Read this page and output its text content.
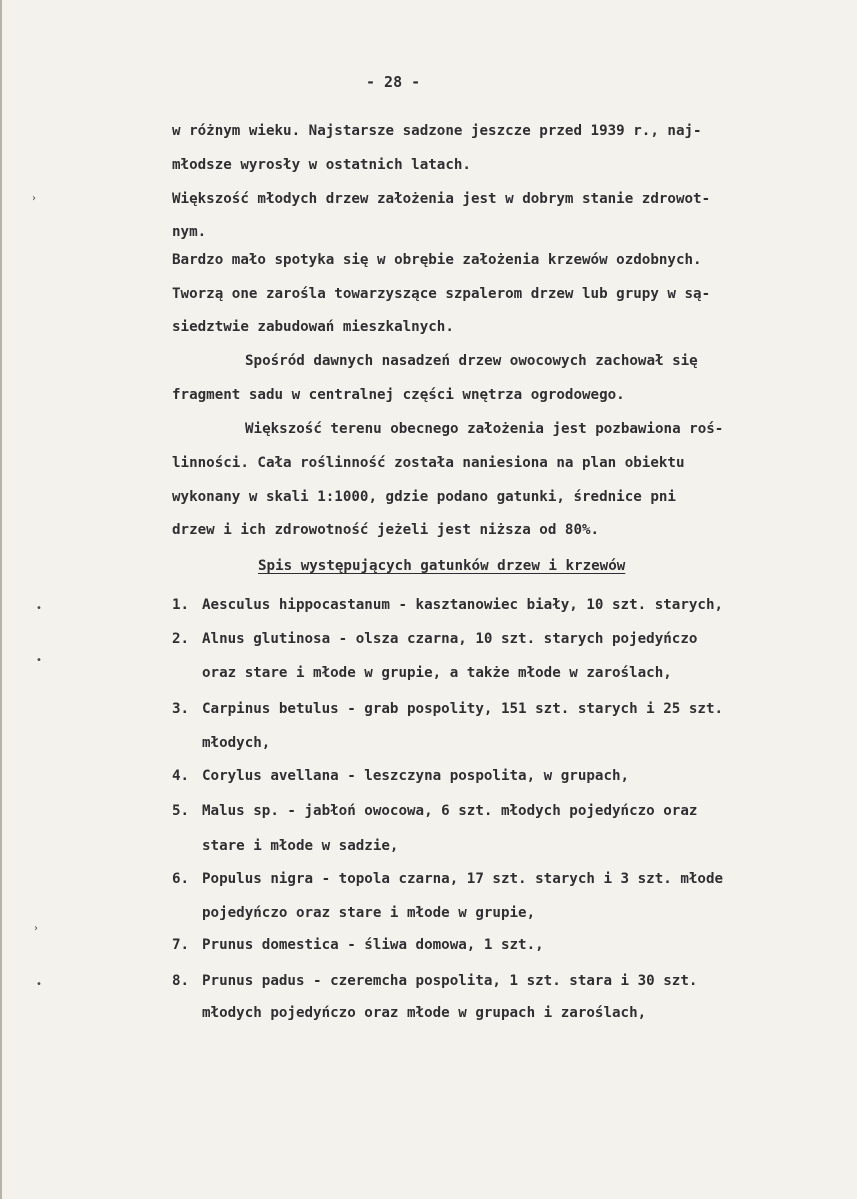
›
•
•
›
•
- 28 -
w różnym wieku. Najstarsze sadzone jeszcze przed 1939 r., naj-
młodsze wyrosły w ostatnich latach.
Większość młodych drzew założenia jest w dobrym stanie zdrowot-
nym.
Bardzo mało spotyka się w obrębie założenia krzewów ozdobnych.
Tworzą one zarośla towarzyszące szpalerom drzew lub grupy w są-
siedztwie zabudowań mieszkalnych.
Spośród dawnych nasadzeń drzew owocowych zachował się
fragment sadu w centralnej części wnętrza ogrodowego.
Większość terenu obecnego założenia jest pozbawiona roś-
linności. Cała roślinność została naniesiona na plan obiektu
wykonany w skali 1:1000, gdzie podano gatunki, średnice pni
drzew i ich zdrowotność jeżeli jest niższa od 80%.
Spis występujących gatunków drzew i krzewów
1. Aesculus hippocastanum - kasztanowiec biały, 10 szt. starych,
2. Alnus glutinosa - olsza czarna, 10 szt. starych pojedyńczo
oraz stare i młode w grupie, a także młode w zaroślach,
3. Carpinus betulus - grab pospolity, 151 szt. starych i 25 szt.
młodych,
4. Corylus avellana - leszczyna pospolita, w grupach,
5. Malus sp. - jabłoń owocowa, 6 szt. młodych pojedyńczo oraz
stare i młode w sadzie,
6. Populus nigra - topola czarna, 17 szt. starych i 3 szt. młode
pojedyńczo oraz stare i młode w grupie,
7. Prunus domestica - śliwa domowa, 1 szt.,
8. Prunus padus - czeremcha pospolita, 1 szt. stara i 30 szt.
młodych pojedyńczo oraz młode w grupach i zaroślach,
